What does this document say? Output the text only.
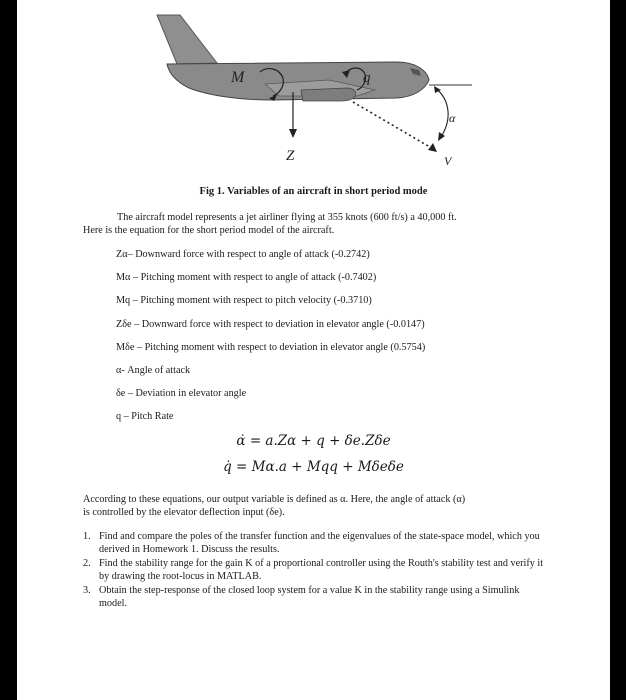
M	q
V
α
Z
Fig 1. Variables of an aircraft in short period mode
The aircraft model represents a jet airliner flying at 355 knots (600 ft/s) a 40,000 ft.
Here is the equation for the short period model of the aircraft.
Zα– Downward force with respect to angle of attack (-0.2742)
Mα – Pitching moment with respect to angle of attack (-0.7402)
Mq – Pitching moment with respect to pitch velocity (-0.3710)
Zδe – Downward force with respect to deviation in elevator angle (-0.0147)
Mδe – Pitching moment with respect to deviation in elevator angle (0.5754)
α- Angle of attack
δe – Deviation in elevator angle
q – Pitch Rate
α̇ = a.Zα + q + δe.Zδe
q̇ = Mα.a + Mqq + Mδeδe
According to these equations, our output variable is defined as α. Here, the angle of attack (α)
is controlled by the elevator deflection input (δe).
1. Find and compare the poles of the transfer function and the eigenvalues of the state-space model, which you derived in Homework 1. Discuss the results.
2. Find the stability range for the gain K of a proportional controller using the Routh's stability test and verify it by drawing the root-locus in MATLAB.
3. Obtain the step-response of the closed loop system for a value K in the stability range using a Simulink model.
